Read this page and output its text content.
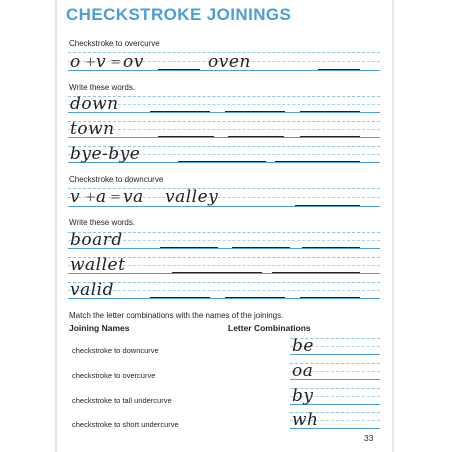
CHECKSTROKE JOININGS
Checkstroke to overcurve
o + v = ov	oven
Write these words.
down
town
bye-bye
Checkstroke to downcurve
v + a = va valley
Write these words.
board
wallet
valid
Match the letter combinations with the names of the joinings.
Joining Names	Letter Combinations
checkstroke to downcurve
checkstroke to overcurve
checkstroke to tall undercurve
checkstroke to short undercurve
be
oa
by
wh
33
